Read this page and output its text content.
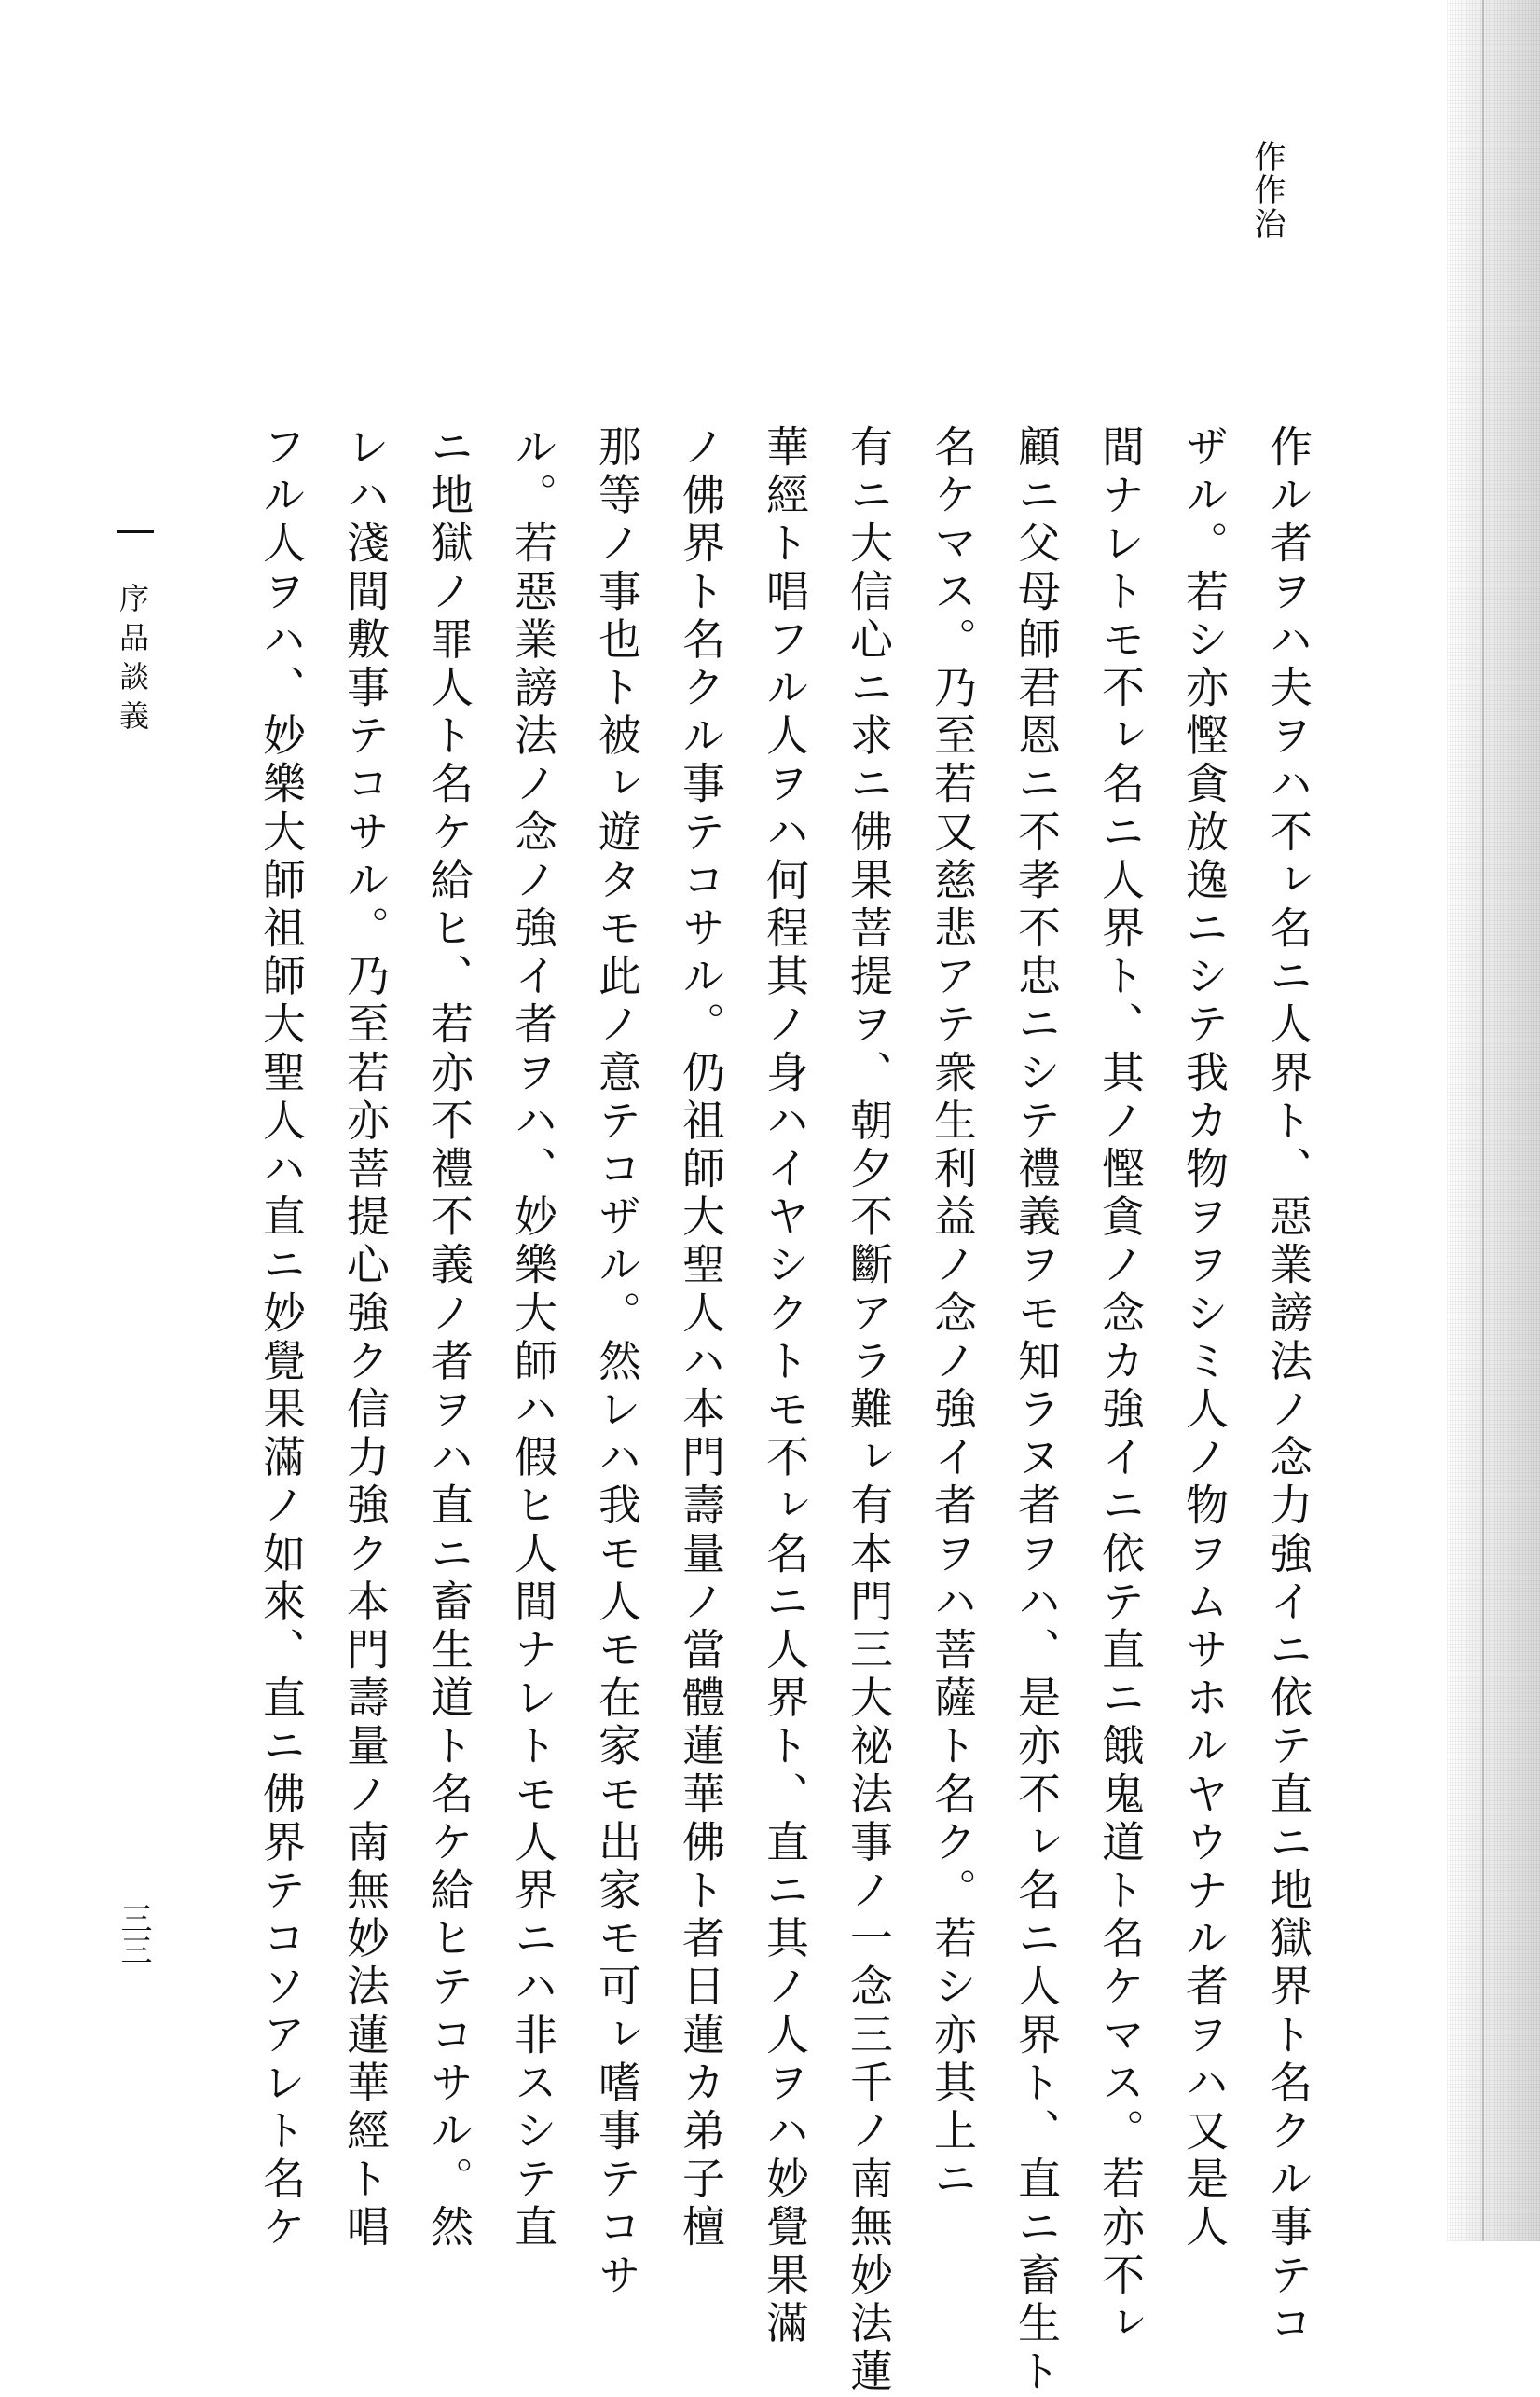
作作治
作ル者ヲハ夫ヲハ不ㇾ名ニ人界ト、惡業謗法ノ念力強イニ依テ直ニ地獄界ト名クル事テコ
ザル。若シ亦慳貪放逸ニシテ我カ物ヲヲシミ人ノ物ヲムサホルヤウナル者ヲハ又是人
間ナレトモ不ㇾ名ニ人界ト、其ノ慳貪ノ念カ強イニ依テ直ニ餓鬼道ト名ケマス。若亦不ㇾ
顧ニ父母師君恩ニ不孝不忠ニシテ禮義ヲモ知ラヌ者ヲハ、是亦不ㇾ名ニ人界ト、直ニ畜生ト
名ケマス。乃至若又慈悲アテ衆生利益ノ念ノ強イ者ヲハ菩薩ト名ク。若シ亦其上ニ
有ニ大信心ニ求ニ佛果菩提ヲ、朝夕不斷アラ難ㇾ有本門三大祕法事ノ一念三千ノ南無妙法蓮
華經ト唱フル人ヲハ何程其ノ身ハイヤシクトモ不ㇾ名ニ人界ト、直ニ其ノ人ヲハ妙覺果滿
ノ佛界ト名クル事テコサル。仍祖師大聖人ハ本門壽量ノ當體蓮華佛ト者日蓮カ弟子檀
那等ノ事也ト被ㇾ遊タモ此ノ意テコザル。然レハ我モ人モ在家モ出家モ可ㇾ嗜事テコサ
ル。若惡業謗法ノ念ノ強イ者ヲハ、妙樂大師ハ假ヒ人間ナレトモ人界ニハ非スシテ直
ニ地獄ノ罪人ト名ケ給ヒ、若亦不禮不義ノ者ヲハ直ニ畜生道ト名ケ給ヒテコサル。然
レハ淺間敷事テコサル。乃至若亦菩提心強ク信力強ク本門壽量ノ南無妙法蓮華經ト唱
フル人ヲハ、妙樂大師祖師大聖人ハ直ニ妙覺果滿ノ如來、直ニ佛界テコソアレト名ケ
序品談義
三三
